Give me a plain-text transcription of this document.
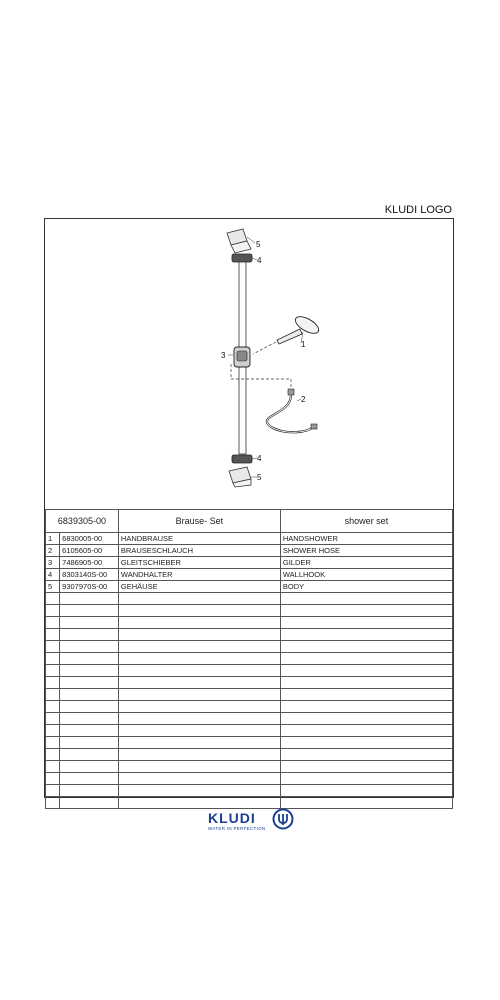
KLUDI LOGO
5
4
1
3
2
4
5
6839305-00		Brause- Set	shower set
1	6830005-00	HANDBRAUSE	HANDSHOWER
2	6105605-00	BRAUSESCHLAUCH	SHOWER HOSE
3	7486905-00	GLEITSCHIEBER	GILDER
4	8303140S-00	WANDHALTER	WALLHOOK
5	9307970S-00	GEHÄUSE	BODY

KLUDI
WATER IN PERFECTION
